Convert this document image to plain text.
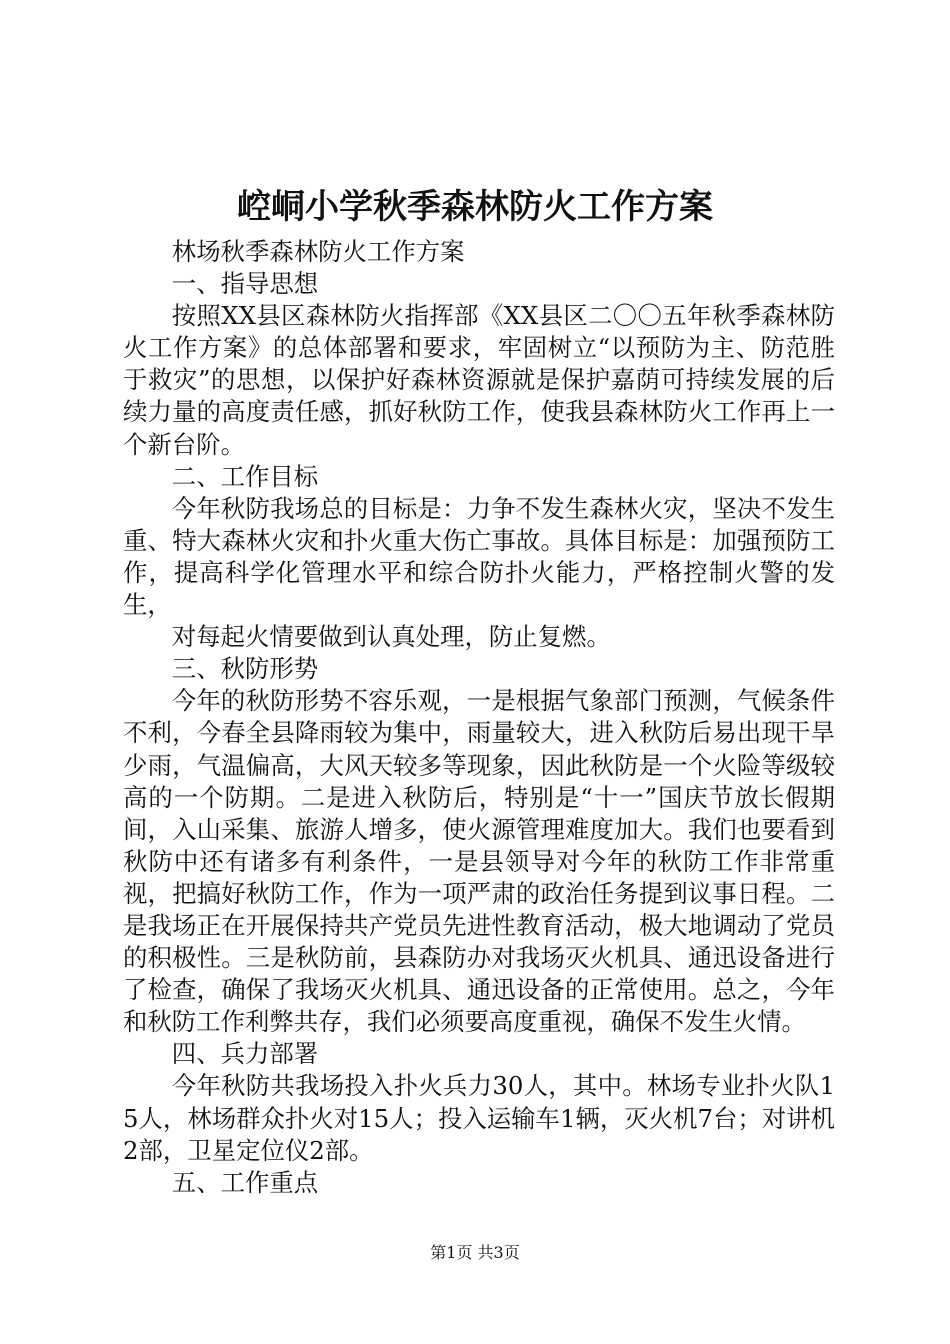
崆峒小学秋季森林防火工作方案

林场秋季森林防火工作方案

一、指导思想

按照XX县区森林防火指挥部《XX县区二〇〇五年秋季森林防火工作方案》的总体部署和要求，牢固树立“以预防为主、防范胜于救灾”的思想，以保护好森林资源就是保护嘉荫可持续发展的后续力量的高度责任感，抓好秋防工作，使我县森林防火工作再上一个新台阶。

二、工作目标

今年秋防我场总的目标是：力争不发生森林火灾，坚决不发生重、特大森林火灾和扑火重大伤亡事故。具体目标是：加强预防工作，提高科学化管理水平和综合防扑火能力，严格控制火警的发生，

对每起火情要做到认真处理，防止复燃。

三、秋防形势

今年的秋防形势不容乐观，一是根据气象部门预测，气候条件不利，今春全县降雨较为集中，雨量较大，进入秋防后易出现干旱少雨，气温偏高，大风天较多等现象，因此秋防是一个火险等级较高的一个防期。二是进入秋防后，特别是“十一”国庆节放长假期间，入山采集、旅游人增多，使火源管理难度加大。我们也要看到秋防中还有诸多有利条件，一是县领导对今年的秋防工作非常重视，把搞好秋防工作，作为一项严肃的政治任务提到议事日程。二是我场正在开展保持共产党员先进性教育活动，极大地调动了党员的积极性。三是秋防前，县森防办对我场灭火机具、通迅设备进行了检查，确保了我场灭火机具、通迅设备的正常使用。总之，今年和秋防工作利弊共存，我们必须要高度重视，确保不发生火情。

四、兵力部署

今年秋防共我场投入扑火兵力30人，其中。林场专业扑火队15人，林场群众扑火对15人；投入运输车1辆，灭火机7台；对讲机2部，卫星定位仪2部。

五、工作重点

第1页 共3页
